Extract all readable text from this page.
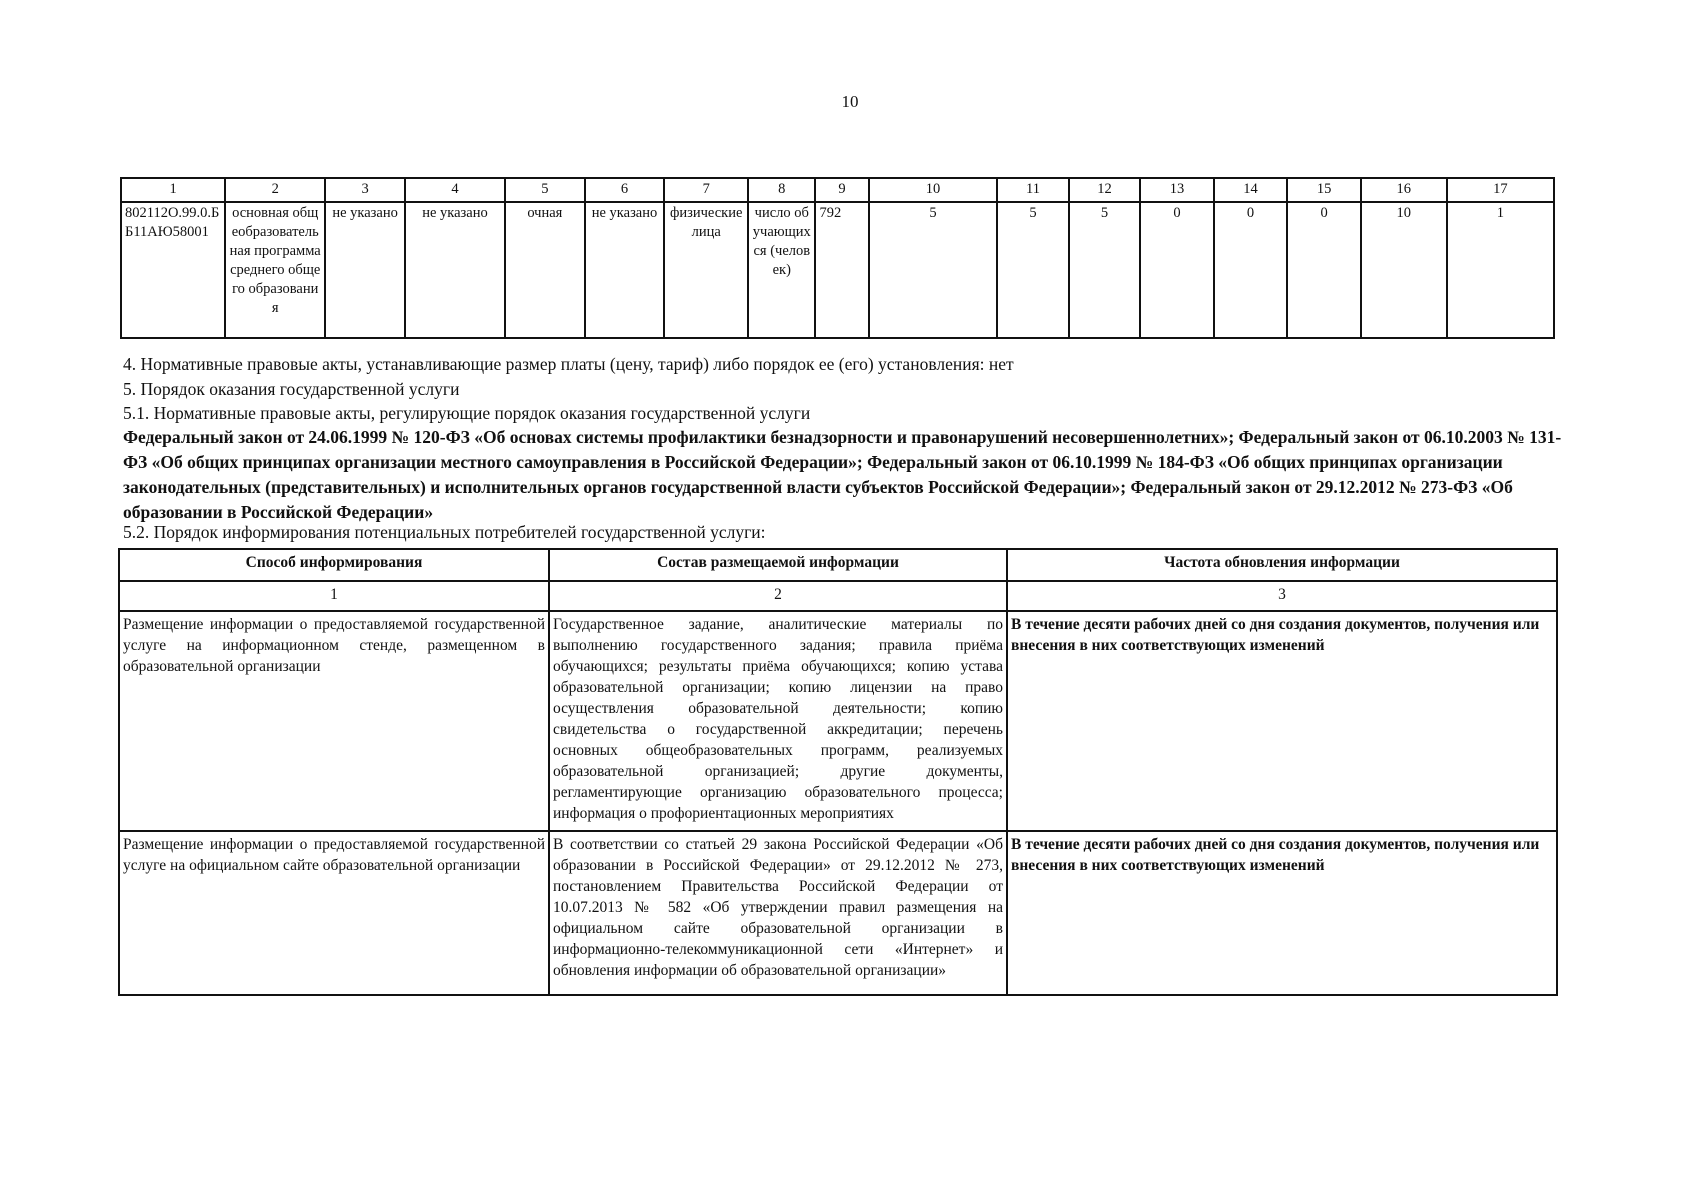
10
1	2	3	4	5	6	7	8	9	10	11	12	13	14	15	16	17
802112О.99.0.ББ11АЮ58001	основная общеобразовательная программа среднего общего образования	не указано	не указано	очная	не указано	физические лица	число обучающихся (человек)	792	5	5	5	0	0	0	10	1
4. Нормативные правовые акты, устанавливающие размер платы (цену, тариф) либо порядок ее (его) установления: нет
5. Порядок оказания государственной услуги
5.1. Нормативные правовые акты, регулирующие порядок оказания государственной услуги
Федеральный закон от 24.06.1999 № 120-ФЗ «Об основах системы профилактики безнадзорности и правонарушений несовершеннолетних»; Федеральный закон от 06.10.2003 № 131-ФЗ «Об общих принципах организации местного самоуправления в Российской Федерации»; Федеральный закон от 06.10.1999 № 184-ФЗ «Об общих принципах организации законодательных (представительных) и исполнительных органов государственной власти субъектов Российской Федерации»; Федеральный закон от 29.12.2012 № 273-ФЗ «Об образовании в Российской Федерации»
5.2. Порядок информирования потенциальных потребителей государственной услуги:
Способ информирования	Состав размещаемой информации	Частота обновления информации
1	2	3
Размещение информации о предоставляемой государственной услуге на информационном стенде, размещенном в образовательной организации	Государственное задание, аналитические материалы по выполнению государственного задания; правила приёма обучающихся; результаты приёма обучающихся; копию устава образовательной организации; копию лицензии на право осуществления образовательной деятельности; копию свидетельства о государственной аккредитации; перечень основных общеобразовательных программ, реализуемых образовательной организацией; другие документы, регламентирующие организацию образовательного процесса; информация о профориентационных мероприятиях	В течение десяти рабочих дней со дня создания документов, получения или внесения в них соответствующих изменений
Размещение информации о предоставляемой государственной услуге на официальном сайте образовательной организации	В соответствии со статьей 29 закона Российской Федерации «Об образовании в Российской Федерации» от 29.12.2012 № 273, постановлением Правительства Российской Федерации от 10.07.2013 № 582 «Об утверждении правил размещения на официальном сайте образовательной организации в информационно-телекоммуникационной сети «Интернет» и обновления информации об образовательной организации»	В течение десяти рабочих дней со дня создания документов, получения или внесения в них соответствующих изменений
